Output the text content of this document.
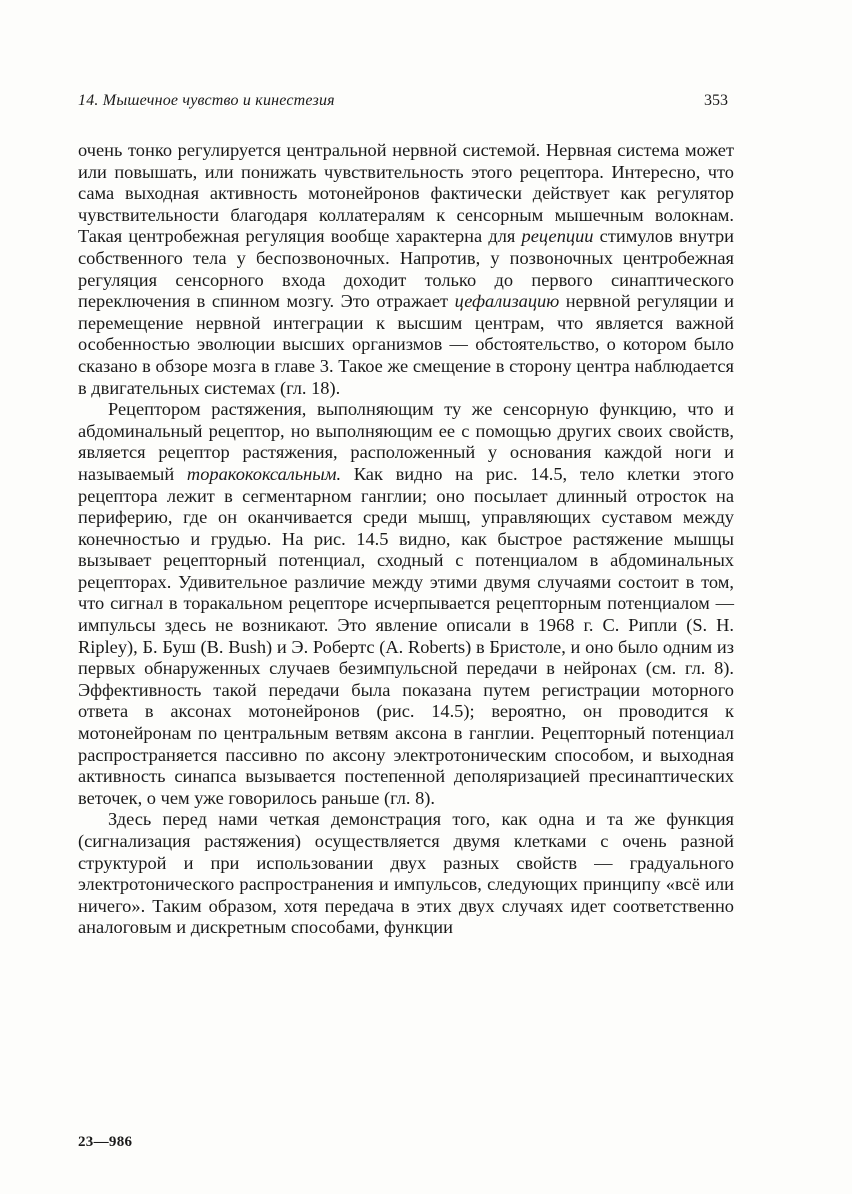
14. Мышечное чувство и кинестезия	353

очень тонко регулируется центральной нервной системой. Нервная система может или повышать, или понижать чувствительность этого рецептора. Интересно, что сама выходная активность мотонейронов фактически действует как регулятор чувствительности благодаря коллатералям к сенсорным мышечным волокнам. Такая центробежная регуляция вообще характерна для рецепции стимулов внутри собственного тела у беспозвоночных. Напротив, у позвоночных центробежная регуляция сенсорного входа доходит только до первого синаптического переключения в спинном мозгу. Это отражает цефализацию нервной регуляции и перемещение нервной интеграции к высшим центрам, что является важной особенностью эволюции высших организмов — обстоятельство, о котором было сказано в обзоре мозга в главе 3. Такое же смещение в сторону центра наблюдается в двигательных системах (гл. 18).

Рецептором растяжения, выполняющим ту же сенсорную функцию, что и абдоминальный рецептор, но выполняющим ее с помощью других своих свойств, является рецептор растяжения, расположенный у основания каждой ноги и называемый торакококсальным. Как видно на рис. 14.5, тело клетки этого рецептора лежит в сегментарном ганглии; оно посылает длинный отросток на периферию, где он оканчивается среди мышц, управляющих суставом между конечностью и грудью. На рис. 14.5 видно, как быстрое растяжение мышцы вызывает рецепторный потенциал, сходный с потенциалом в абдоминальных рецепторах. Удивительное различие между этими двумя случаями состоит в том, что сигнал в торакальном рецепторе исчерпывается рецепторным потенциалом — импульсы здесь не возникают. Это явление описали в 1968 г. С. Рипли (S. H. Ripley), Б. Буш (B. Bush) и Э. Робертс (A. Roberts) в Бристоле, и оно было одним из первых обнаруженных случаев безимпульсной передачи в нейронах (см. гл. 8). Эффективность такой передачи была показана путем регистрации моторного ответа в аксонах мотонейронов (рис. 14.5); вероятно, он проводится к мотонейронам по центральным ветвям аксона в ганглии. Рецепторный потенциал распространяется пассивно по аксону электротоническим способом, и выходная активность синапса вызывается постепенной деполяризацией пресинаптических веточек, о чем уже говорилось раньше (гл. 8).

Здесь перед нами четкая демонстрация того, как одна и та же функция (сигнализация растяжения) осуществляется двумя клетками с очень разной структурой и при использовании двух разных свойств — градуального электротонического распространения и импульсов, следующих принципу «всё или ничего». Таким образом, хотя передача в этих двух случаях идет соответственно аналоговым и дискретным способами, функции

23—986
